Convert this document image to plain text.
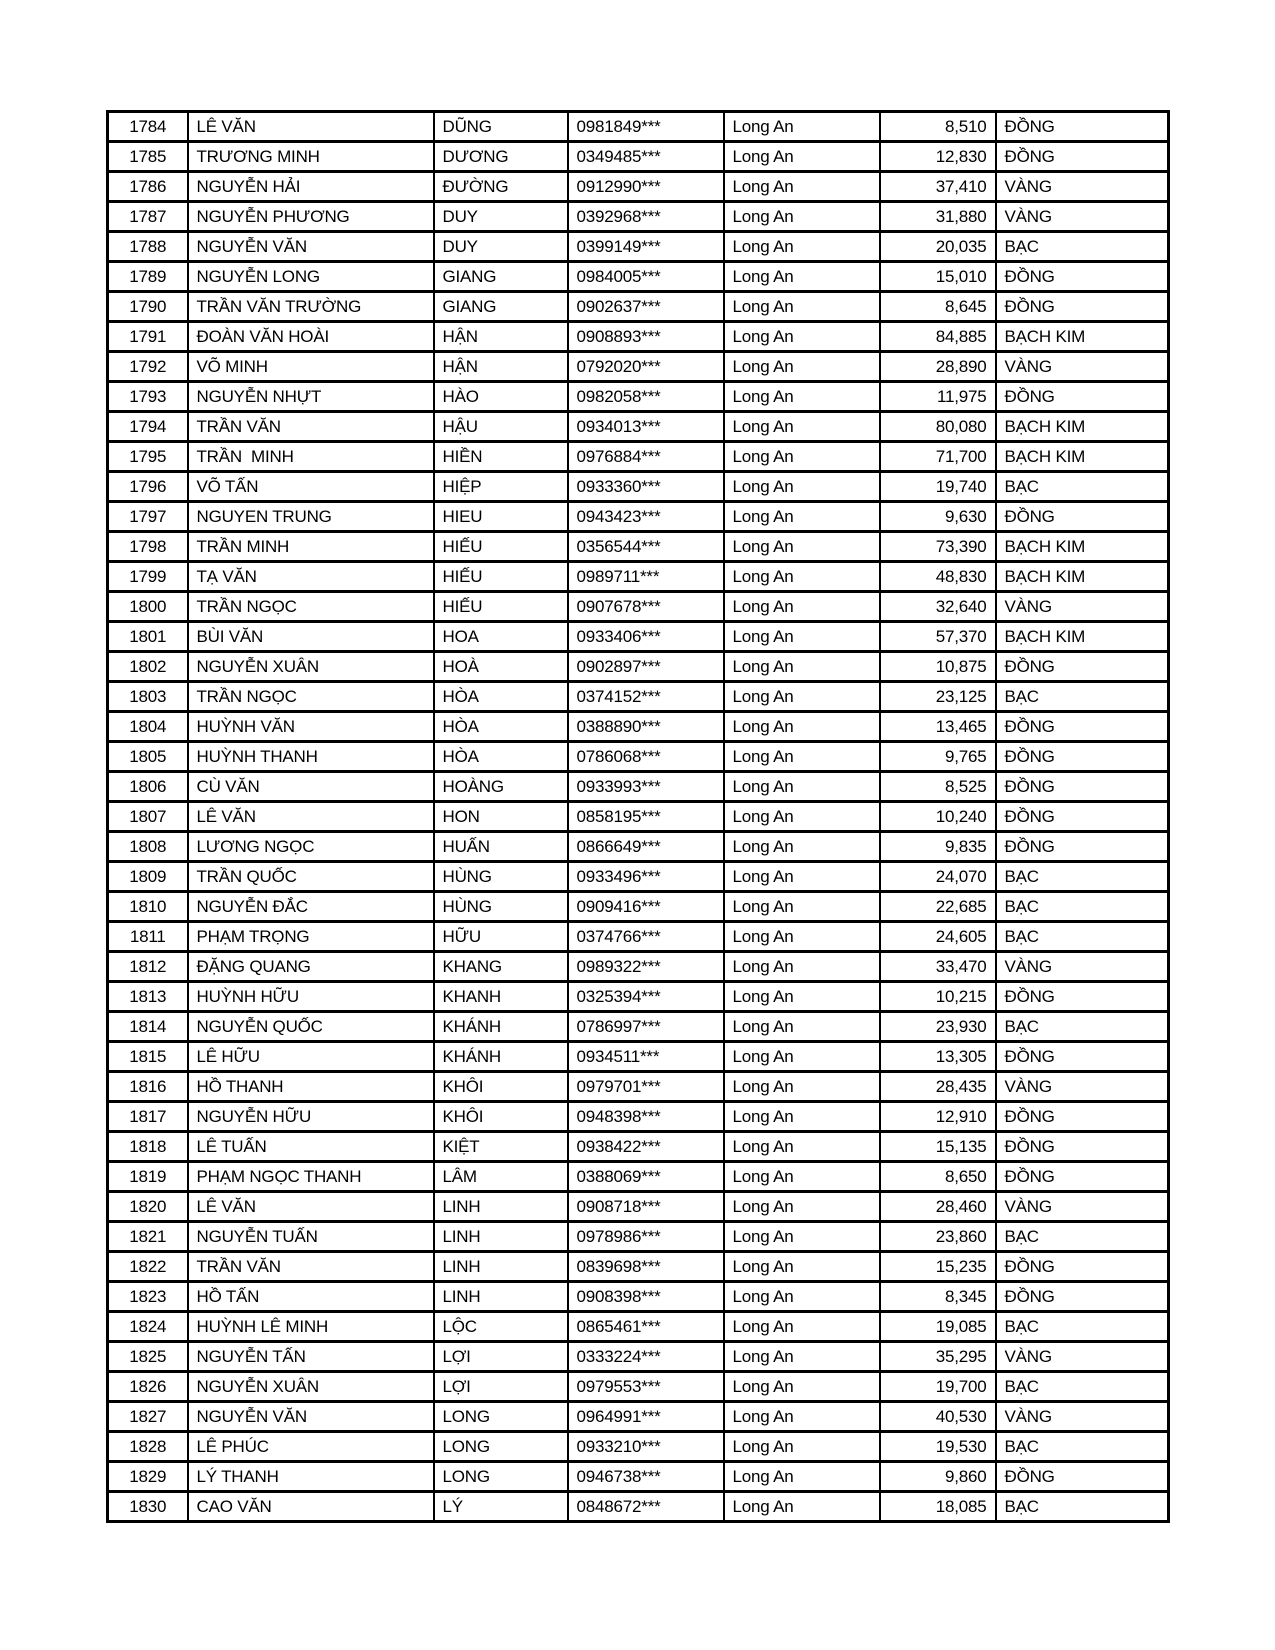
1784	LÊ VĂN	DŨNG	0981849***	Long An	8,510	ĐỒNG
1785	TRƯƠNG MINH	DƯƠNG	0349485***	Long An	12,830	ĐỒNG
1786	NGUYỄN HẢI	ĐƯỜNG	0912990***	Long An	37,410	VÀNG
1787	NGUYỄN PHƯƠNG	DUY	0392968***	Long An	31,880	VÀNG
1788	NGUYỄN VĂN	DUY	0399149***	Long An	20,035	BẠC
1789	NGUYỄN LONG	GIANG	0984005***	Long An	15,010	ĐỒNG
1790	TRẦN VĂN TRƯỜNG	GIANG	0902637***	Long An	8,645	ĐỒNG
1791	ĐOÀN VĂN HOÀI	HẬN	0908893***	Long An	84,885	BẠCH KIM
1792	VÕ MINH	HẬN	0792020***	Long An	28,890	VÀNG
1793	NGUYỄN NHỰT	HÀO	0982058***	Long An	11,975	ĐỒNG
1794	TRẦN VĂN	HẬU	0934013***	Long An	80,080	BẠCH KIM
1795	TRẦN  MINH	HIỀN	0976884***	Long An	71,700	BẠCH KIM
1796	VÕ TẤN	HIỆP	0933360***	Long An	19,740	BẠC
1797	NGUYEN TRUNG	HIEU	0943423***	Long An	9,630	ĐỒNG
1798	TRẦN MINH	HIẾU	0356544***	Long An	73,390	BẠCH KIM
1799	TẠ VĂN	HIẾU	0989711***	Long An	48,830	BẠCH KIM
1800	TRẦN NGỌC	HIẾU	0907678***	Long An	32,640	VÀNG
1801	BÙI VĂN	HOA	0933406***	Long An	57,370	BẠCH KIM
1802	NGUYỄN XUÂN	HOÀ	0902897***	Long An	10,875	ĐỒNG
1803	TRẦN NGỌC	HÒA	0374152***	Long An	23,125	BẠC
1804	HUỲNH VĂN	HÒA	0388890***	Long An	13,465	ĐỒNG
1805	HUỲNH THANH	HÒA	0786068***	Long An	9,765	ĐỒNG
1806	CÙ VĂN	HOÀNG	0933993***	Long An	8,525	ĐỒNG
1807	LÊ VĂN	HON	0858195***	Long An	10,240	ĐỒNG
1808	LƯƠNG NGỌC	HUẤN	0866649***	Long An	9,835	ĐỒNG
1809	TRẦN QUỐC	HÙNG	0933496***	Long An	24,070	BẠC
1810	NGUYỄN ĐẮC	HÙNG	0909416***	Long An	22,685	BẠC
1811	PHẠM TRỌNG	HỮU	0374766***	Long An	24,605	BẠC
1812	ĐẶNG QUANG	KHANG	0989322***	Long An	33,470	VÀNG
1813	HUỲNH HỮU	KHANH	0325394***	Long An	10,215	ĐỒNG
1814	NGUYỄN QUỐC	KHÁNH	0786997***	Long An	23,930	BẠC
1815	LÊ HỮU	KHÁNH	0934511***	Long An	13,305	ĐỒNG
1816	HỒ THANH	KHÔI	0979701***	Long An	28,435	VÀNG
1817	NGUYỄN HỮU	KHÔI	0948398***	Long An	12,910	ĐỒNG
1818	LÊ TUẤN	KIỆT	0938422***	Long An	15,135	ĐỒNG
1819	PHẠM NGỌC THANH	LÂM	0388069***	Long An	8,650	ĐỒNG
1820	LÊ VĂN	LINH	0908718***	Long An	28,460	VÀNG
1821	NGUYỄN TUẤN	LINH	0978986***	Long An	23,860	BẠC
1822	TRẦN VĂN	LINH	0839698***	Long An	15,235	ĐỒNG
1823	HỒ TẤN	LINH	0908398***	Long An	8,345	ĐỒNG
1824	HUỲNH LÊ MINH	LỘC	0865461***	Long An	19,085	BẠC
1825	NGUYỄN TẤN	LỢI	0333224***	Long An	35,295	VÀNG
1826	NGUYỄN XUÂN	LỢI	0979553***	Long An	19,700	BẠC
1827	NGUYỄN VĂN	LONG	0964991***	Long An	40,530	VÀNG
1828	LÊ PHÚC	LONG	0933210***	Long An	19,530	BẠC
1829	LÝ THANH	LONG	0946738***	Long An	9,860	ĐỒNG
1830	CAO VĂN	LÝ	0848672***	Long An	18,085	BẠC
